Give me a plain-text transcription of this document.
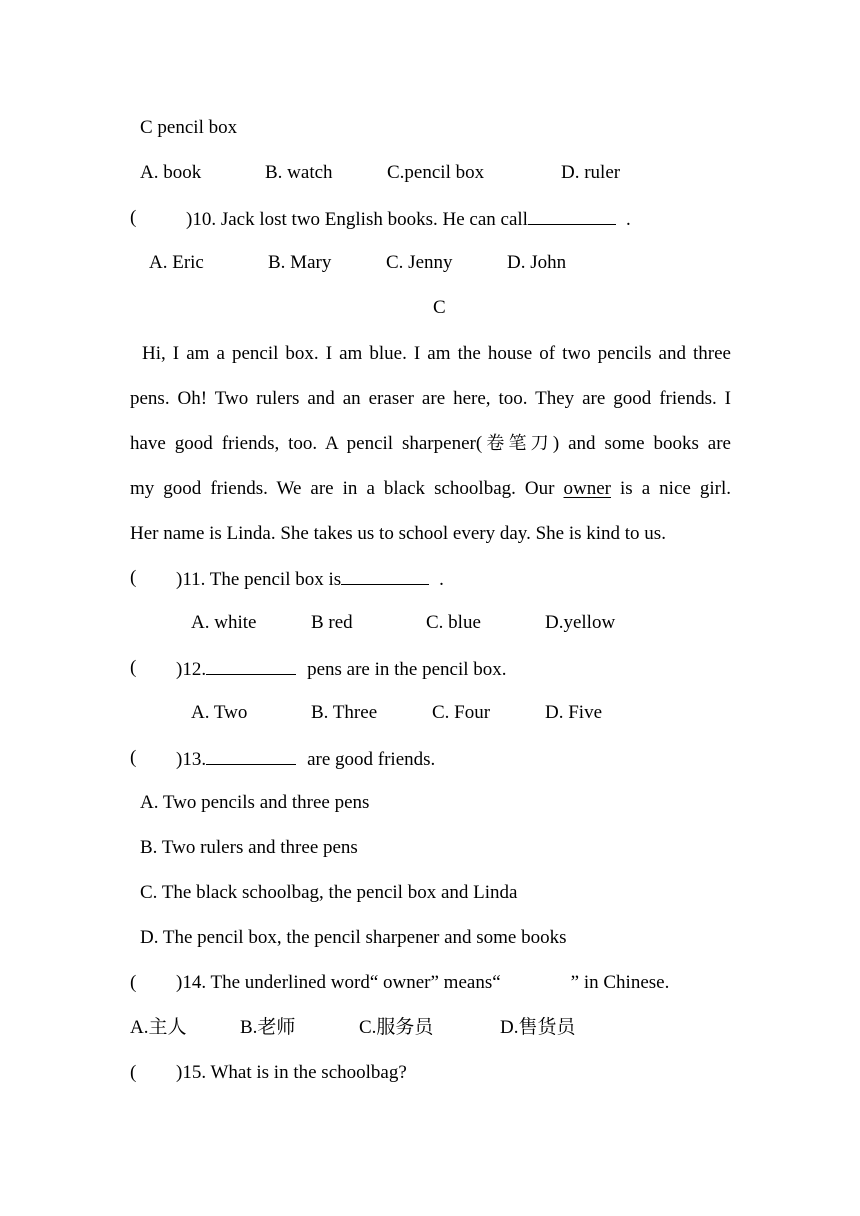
C pencil box
A. book	B. watch	C.pencil box	D. ruler
(	)10. Jack lost two English books. He can call	.
A. Eric	B. Mary	C. Jenny	D. John
C
Hi, I am a pencil box. I am blue. I am the house of two pencils and three
pens. Oh! Two rulers and an eraser are here, too. They are good friends. I
have good friends, too. A pencil sharpener(卷笔刀) and some books are
my good friends. We are in a black schoolbag. Our owner is a nice girl.
Her name is Linda. She takes us to school every day. She is kind to us.
( )11. The pencil box is	.
A. white	B red	C. blue	D.yellow
( )12.	pens are in the pencil box.
A. Two	B. Three	C. Four	D. Five
( )13.	are good friends.
A. Two pencils and three pens
B. Two rulers and three pens
C. The black schoolbag, the pencil box and Linda
D. The pencil box, the pencil sharpener and some books
( )14. The underlined word“ owner” means“	” in Chinese.
A.主人	B.老师	C.服务员	D.售货员
( )15. What is in the schoolbag?
